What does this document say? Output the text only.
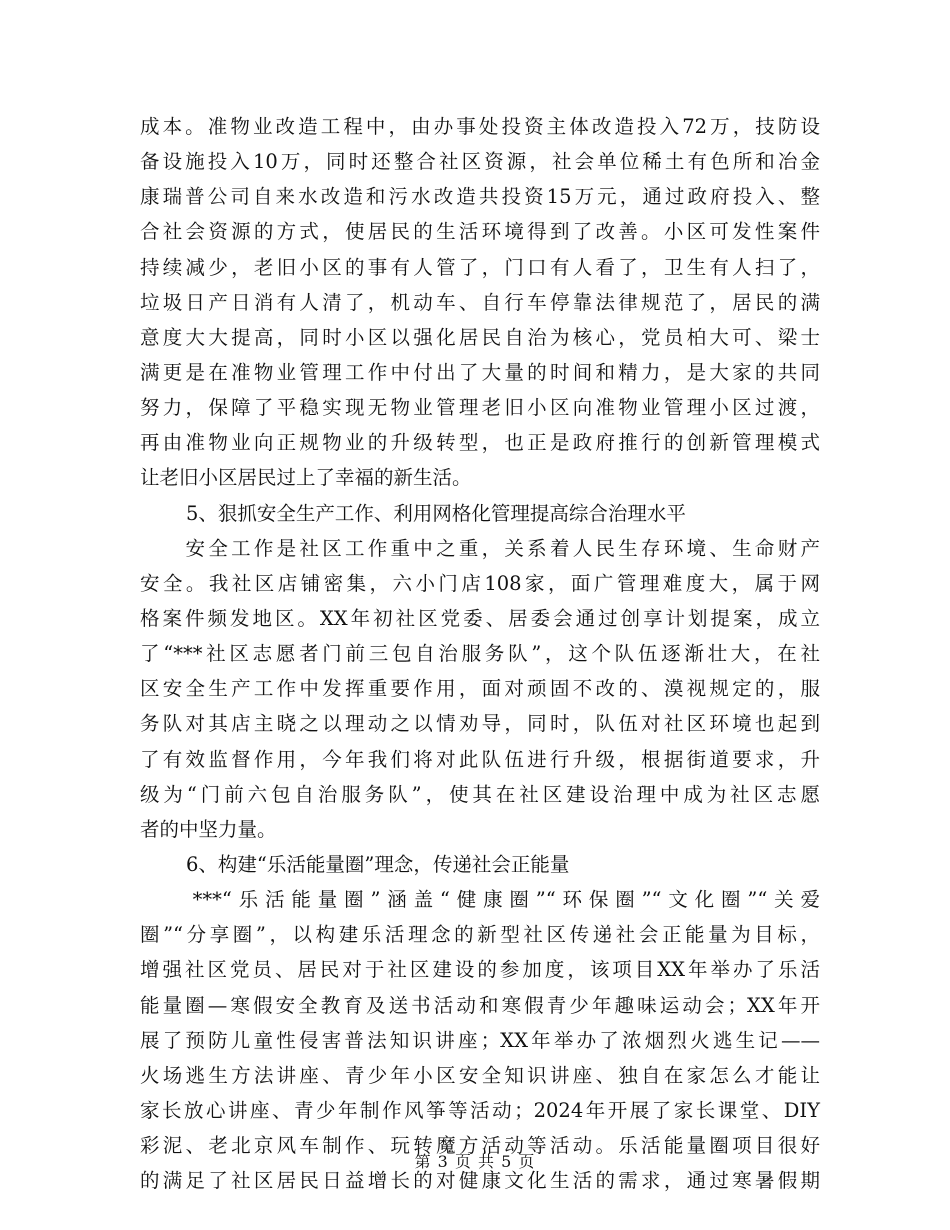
成本。准物业改造工程中，由办事处投资主体改造投入72万，技防设
备设施投入10万，同时还整合社区资源，社会单位稀土有色所和冶金
康瑞普公司自来水改造和污水改造共投资15万元，通过政府投入、整
合社会资源的方式，使居民的生活环境得到了改善。小区可发性案件
持续减少，老旧小区的事有人管了，门口有人看了，卫生有人扫了，
垃圾日产日消有人清了，机动车、自行车停靠法律规范了，居民的满
意度大大提高，同时小区以强化居民自治为核心，党员柏大可、梁士
满更是在准物业管理工作中付出了大量的时间和精力，是大家的共同
努力，保障了平稳实现无物业管理老旧小区向准物业管理小区过渡，
再由准物业向正规物业的升级转型，也正是政府推行的创新管理模式
让老旧小区居民过上了幸福的新生活。
5、狠抓安全生产工作、利用网格化管理提高综合治理水平
　　安全工作是社区工作重中之重，关系着人民生存环境、生命财产
安全。我社区店铺密集，六小门店108家，面广管理难度大，属于网
格案件频发地区。XX年初社区党委、居委会通过创享计划提案，成立
了“***社区志愿者门前三包自治服务队”，这个队伍逐渐壮大，在社
区安全生产工作中发挥重要作用，面对顽固不改的、漠视规定的，服
务队对其店主晓之以理动之以情劝导，同时，队伍对社区环境也起到
了有效监督作用，今年我们将对此队伍进行升级，根据街道要求，升
级为“门前六包自治服务队”，使其在社区建设治理中成为社区志愿
者的中坚力量。
6、构建“乐活能量圈”理念，传递社会正能量
　　***“乐活能量圈”涵盖“健康圈”“环保圈”“文化圈”“关爱
圈”“分享圈”，以构建乐活理念的新型社区传递社会正能量为目标，
增强社区党员、居民对于社区建设的参加度，该项目XX年举办了乐活
能量圈—寒假安全教育及送书活动和寒假青少年趣味运动会；XX年开
展了预防儿童性侵害普法知识讲座；XX年举办了浓烟烈火逃生记——
火场逃生方法讲座、青少年小区安全知识讲座、独自在家怎么才能让
家长放心讲座、青少年制作风筝等活动；2024年开展了家长课堂、DIY
彩泥、老北京风车制作、玩转魔方活动等活动。乐活能量圈项目很好
的满足了社区居民日益增长的对健康文化生活的需求，通过寒暑假期
第 3 页 共 5 页
